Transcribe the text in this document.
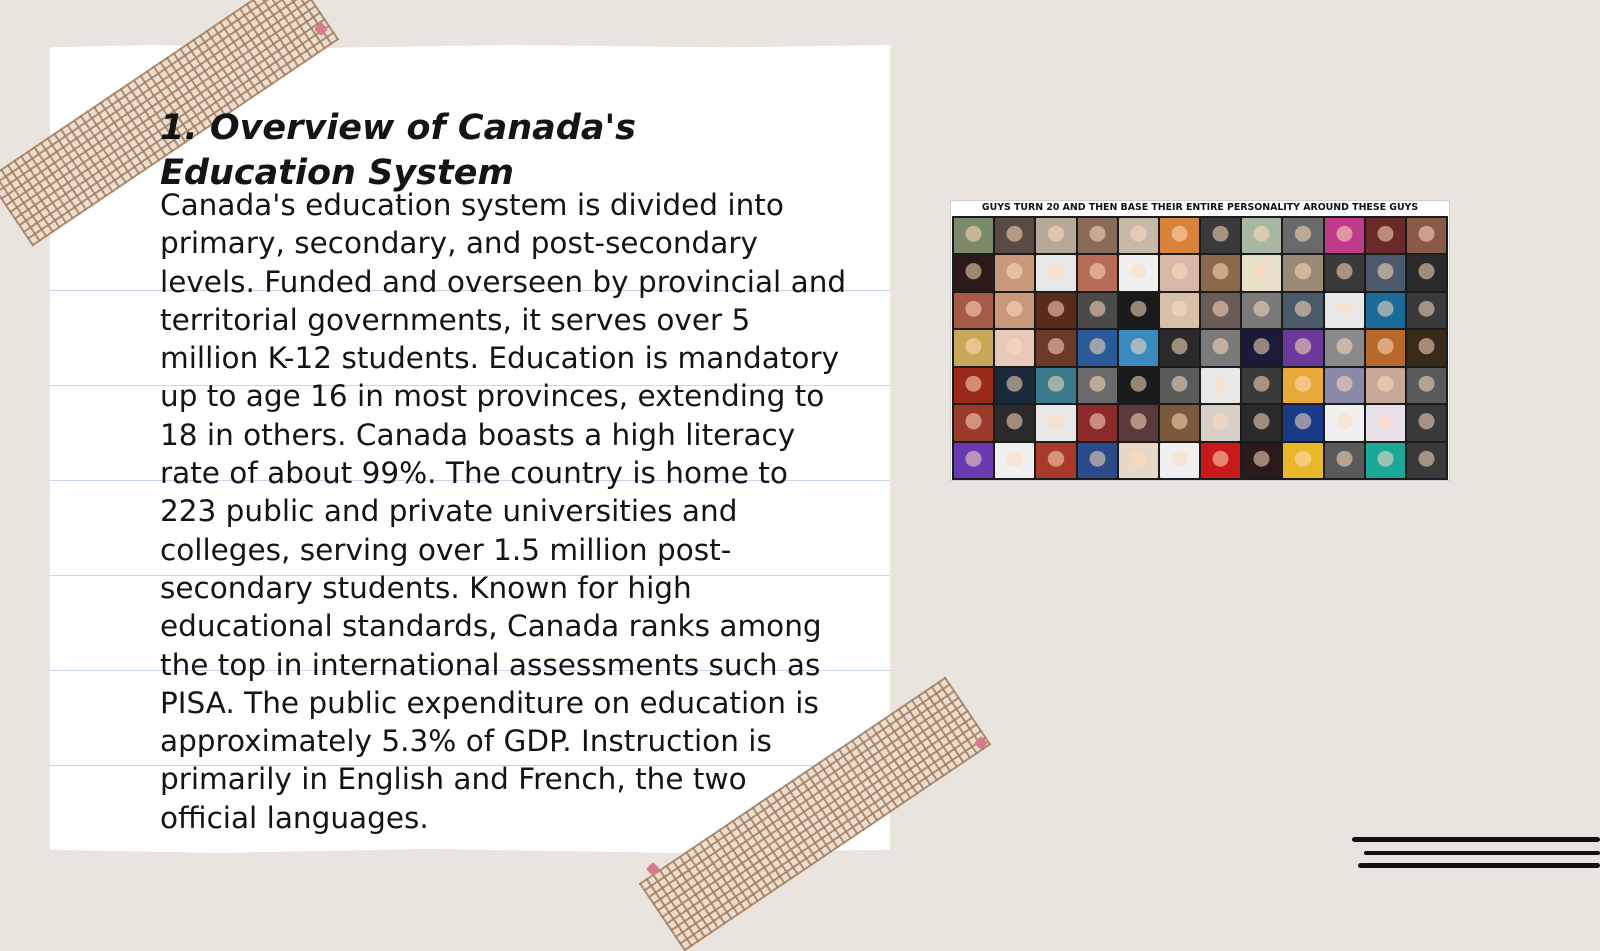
1. Overview of Canada's Education System

Canada's education system is divided into primary, secondary, and post-secondary levels. Funded and overseen by provincial and territorial governments, it serves over 5 million K-12 students. Education is mandatory up to age 16 in most provinces, extending to 18 in others. Canada boasts a high literacy rate of about 99%. The country is home to 223 public and private universities and colleges, serving over 1.5 million post-secondary students. Known for high educational standards, Canada ranks among the top in international assessments such as PISA. The public expenditure on education is approximately 5.3% of GDP. Instruction is primarily in English and French, the two official languages.

GUYS TURN 20 AND THEN BASE THEIR ENTIRE PERSONALITY AROUND THESE GUYS
